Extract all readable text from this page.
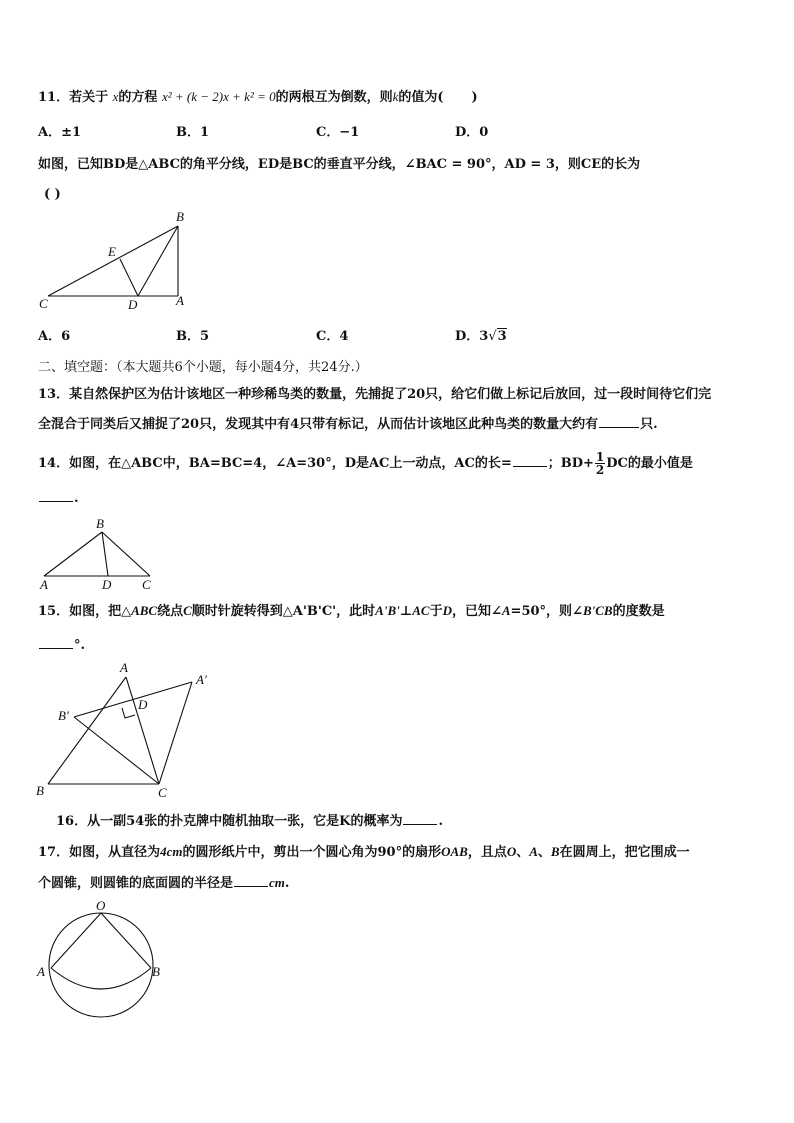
11．若关于 x的方程 x² + (k − 2)x + k² = 0的两根互为倒数，则k的值为( )
A．±1	B．1	C．−1	D．0
如图，已知BD是△ABC的角平分线，ED是BC的垂直平分线，∠BAC = 90°，AD = 3，则CE的长为
( )
B
E
C	D	A
A．6	B．5	C．4	D．3√3
二、填空题：（本大题共6个小题，每小题4分，共24分.）
13．某自然保护区为估计该地区一种珍稀鸟类的数量，先捕捉了20只，给它们做上标记后放回，过一段时间待它们完
全混合于同类后又捕捉了20只，发现其中有4只带有标记，从而估计该地区此种鸟类的数量大约有	只.
14．如图，在△ABC中，BA=BC=4，∠A=30°，D是AC上一动点，AC的长=	；$BD+ \frac{1}{2}$ DC的最小值是
.
B
A	D C
15．如图，把△ABC绕点C顺时针旋转得到△A'B'C'，此时A'B'⊥AC于D，已知∠A=50°，则∠B'CB的度数是
°.
A
A'
B'
D
B	C
16．从一副54张的扑克牌中随机抽取一张，它是K的概率为	.
17．如图，从直径为4cm的圆形纸片中，剪出一个圆心角为90°的扇形OAB，且点O、A、B在圆周上，把它围成一
个圆锥，则圆锥的底面圆的半径是	cm.
O
A	B
